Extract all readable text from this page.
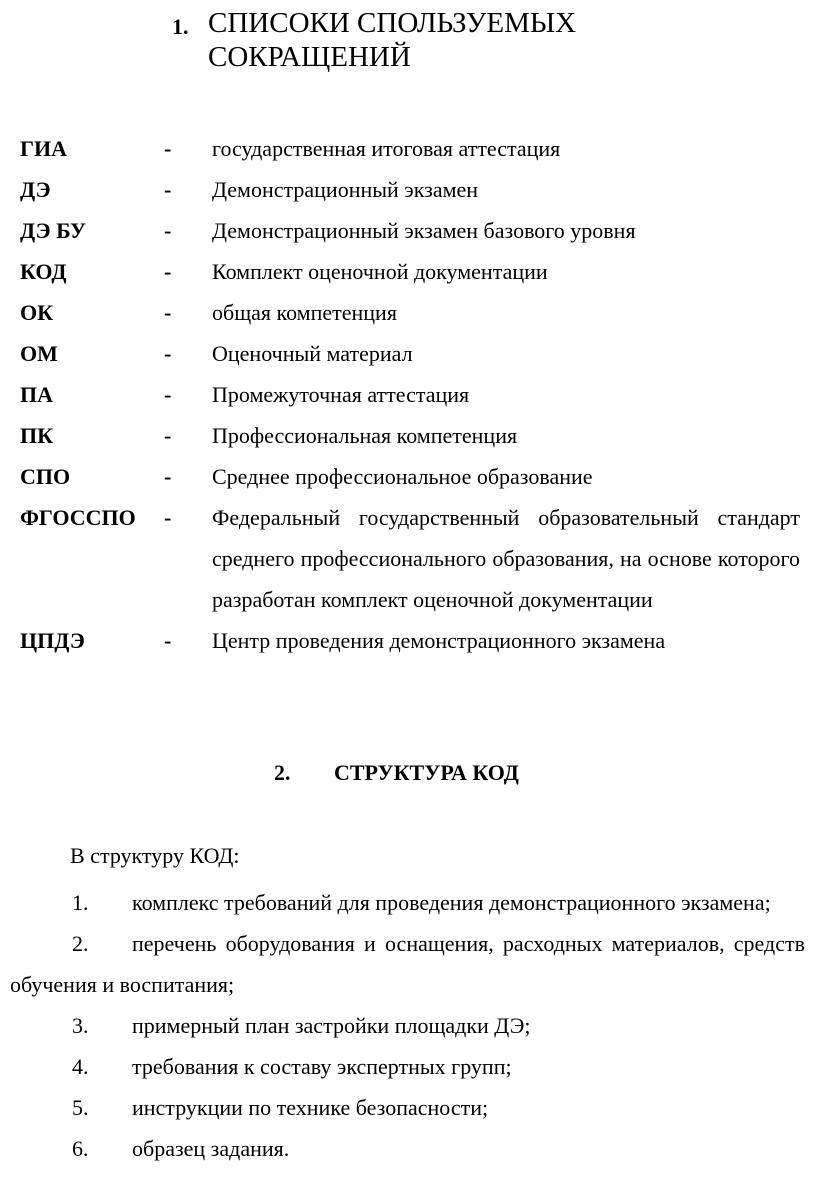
1. СПИСОКИ СПОЛЬЗУЕМЫХ
СОКРАЩЕНИЙ
ГИА	- государственная итоговая аттестация
ДЭ	- Демонстрационный экзамен
ДЭ БУ	- Демонстрационный экзамен базового уровня
КОД	- Комплект оценочной документации
ОК	- общая компетенция
ОМ	- Оценочный материал
ПА	- Промежуточная аттестация
ПК	- Профессиональная компетенция
СПО	- Среднее профессиональное образование
ФГОССПО - Федеральный государственный образовательный стандарт среднего профессионального образования, на основе которого разработан комплект оценочной документации
ЦПДЭ	- Центр проведения демонстрационного экзамена
2. СТРУКТУРА КОД
В структуру КОД:
1. комплекс требований для проведения демонстрационного экзамена;
2. перечень оборудования и оснащения, расходных материалов, средств обучения и воспитания;
3. примерный план застройки площадки ДЭ;
4. требования к составу экспертных групп;
5. инструкции по технике безопасности;
6. образец задания.
